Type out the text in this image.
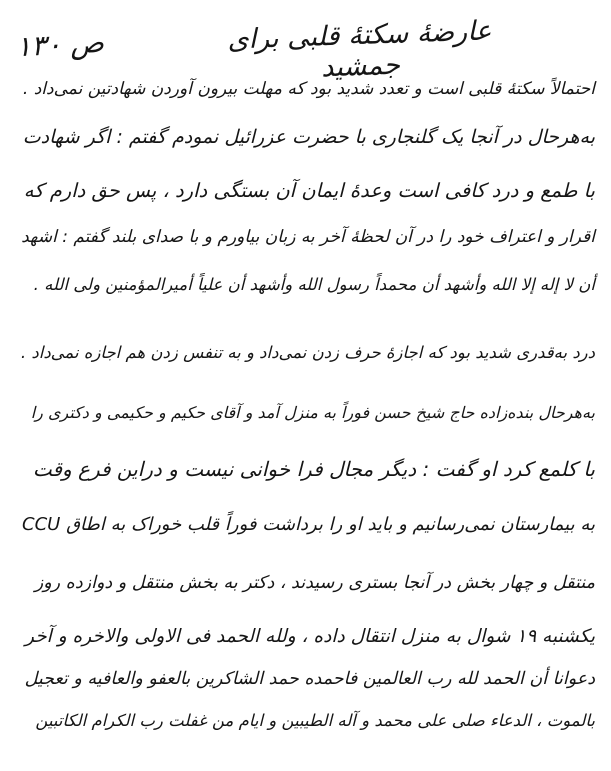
ص ۱۳۰	عارضهٔ سکتهٔ قلبی برای جمشید
احتمالاً سکتهٔ قلبی است و تعدد شدید بود که مهلت بیرون آوردن شهادتین نمی‌داد .
به‌هرحال در آنجا یک گلنجاری با حضرت عزرائیل نمودم گفتم : اگر شهادت
با طمع و درد کافی است وعدهٔ ایمان آن بستگی دارد ، پس حق دارم که
اقرار و اعتراف خود را در آن لحظهٔ آخر به زبان بیاورم و با صدای بلند گفتم : اشهد
أن لا إله إلا الله وأشهد أن محمداً رسول الله وأشهد أن علیاً أمیرالمؤمنین ولی الله .
درد به‌قدری شدید بود که اجازهٔ حرف زدن نمی‌داد و به تنفس زدن هم اجازه نمی‌داد .
به‌هرحال بنده‌زاده حاج شیخ حسن فوراً به منزل آمد و آقای حکیم و حکیمی و دکتری را
با کلمع کرد او گفت : دیگر مجال فرا خوانی نیست و دراین فرع وقت
به بیمارستان نمی‌رسانیم و باید او را برداشت فوراً قلب خوراک به اطاق CCU
منتقل و چهار بخش در آنجا بستری رسیدند ، دکتر به بخش منتقل و دوازده روز
یکشنبه ۱۹ شوال به منزل انتقال داده ، ولله الحمد فی الاولی والاخره و آخر
دعوانا أن الحمد لله رب العالمین فاحمده حمد الشاکرین بالعفو والعافیه و تعجیل
بالموت ، الدعاء صلی علی محمد و آله الطیبین و ایام من غفلت رب الکرام الکاتبین
